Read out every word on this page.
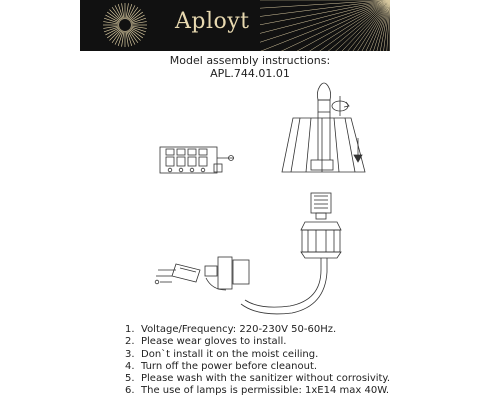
Aployt
Model assembly instructions:
APL.744.01.01
1. Voltage/Frequency: 220-230V 50-60Hz.
2. Please wear gloves to install.
3. Don`t install it on the moist ceiling.
4. Turn off the power before cleanout.
5. Please wash with the sanitizer without corrosivity.
6. The use of lamps is permissible: 1xE14 max 40W.
